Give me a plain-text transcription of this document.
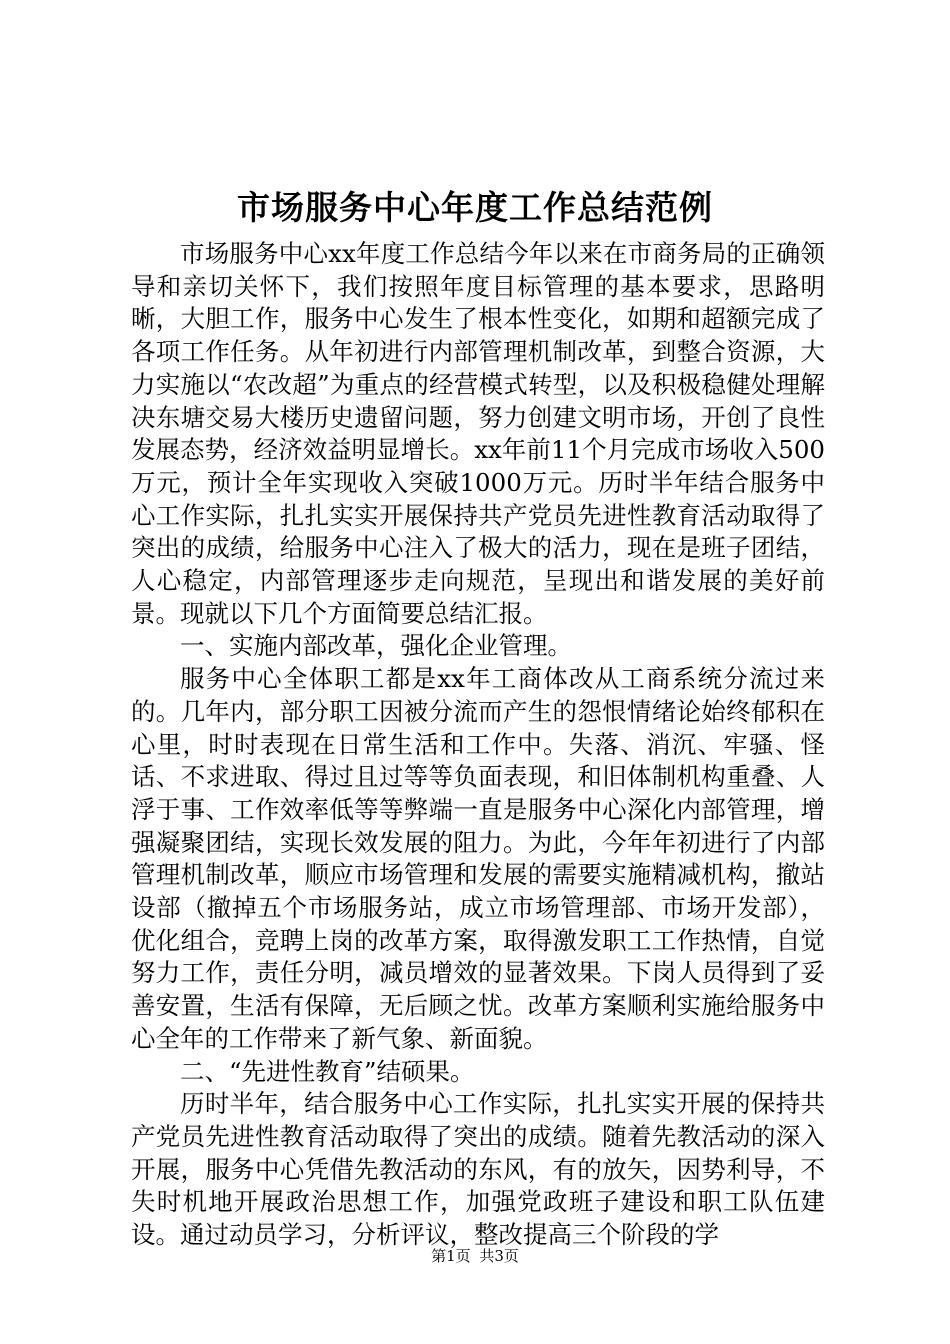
市场服务中心年度工作总结范例

市场服务中心xx年度工作总结今年以来在市商务局的正确领导和亲切关怀下，我们按照年度目标管理的基本要求，思路明晰，大胆工作，服务中心发生了根本性变化，如期和超额完成了各项工作任务。从年初进行内部管理机制改革，到整合资源，大力实施以“农改超”为重点的经营模式转型，以及积极稳健处理解决东塘交易大楼历史遗留问题，努力创建文明市场，开创了良性发展态势，经济效益明显增长。xx年前11个月完成市场收入500万元，预计全年实现收入突破1000万元。历时半年结合服务中心工作实际，扎扎实实开展保持共产党员先进性教育活动取得了突出的成绩，给服务中心注入了极大的活力，现在是班子团结，人心稳定，内部管理逐步走向规范，呈现出和谐发展的美好前景。现就以下几个方面简要总结汇报。

一、实施内部改革，强化企业管理。

服务中心全体职工都是xx年工商体改从工商系统分流过来的。几年内，部分职工因被分流而产生的怨恨情绪论始终郁积在心里，时时表现在日常生活和工作中。失落、消沉、牢骚、怪话、不求进取、得过且过等等负面表现，和旧体制机构重叠、人浮于事、工作效率低等等弊端一直是服务中心深化内部管理，增强凝聚团结，实现长效发展的阻力。为此，今年年初进行了内部管理机制改革，顺应市场管理和发展的需要实施精减机构，撤站设部（撤掉五个市场服务站，成立市场管理部、市场开发部），优化组合，竞聘上岗的改革方案，取得激发职工工作热情，自觉努力工作，责任分明，减员增效的显著效果。下岗人员得到了妥善安置，生活有保障，无后顾之忧。改革方案顺利实施给服务中心全年的工作带来了新气象、新面貌。

二、“先进性教育”结硕果。

历时半年，结合服务中心工作实际，扎扎实实开展的保持共产党员先进性教育活动取得了突出的成绩。随着先教活动的深入开展，服务中心凭借先教活动的东风，有的放矢，因势利导，不失时机地开展政治思想工作，加强党政班子建设和职工队伍建设。通过动员学习，分析评议，整改提高三个阶段的学

第1页 共3页
